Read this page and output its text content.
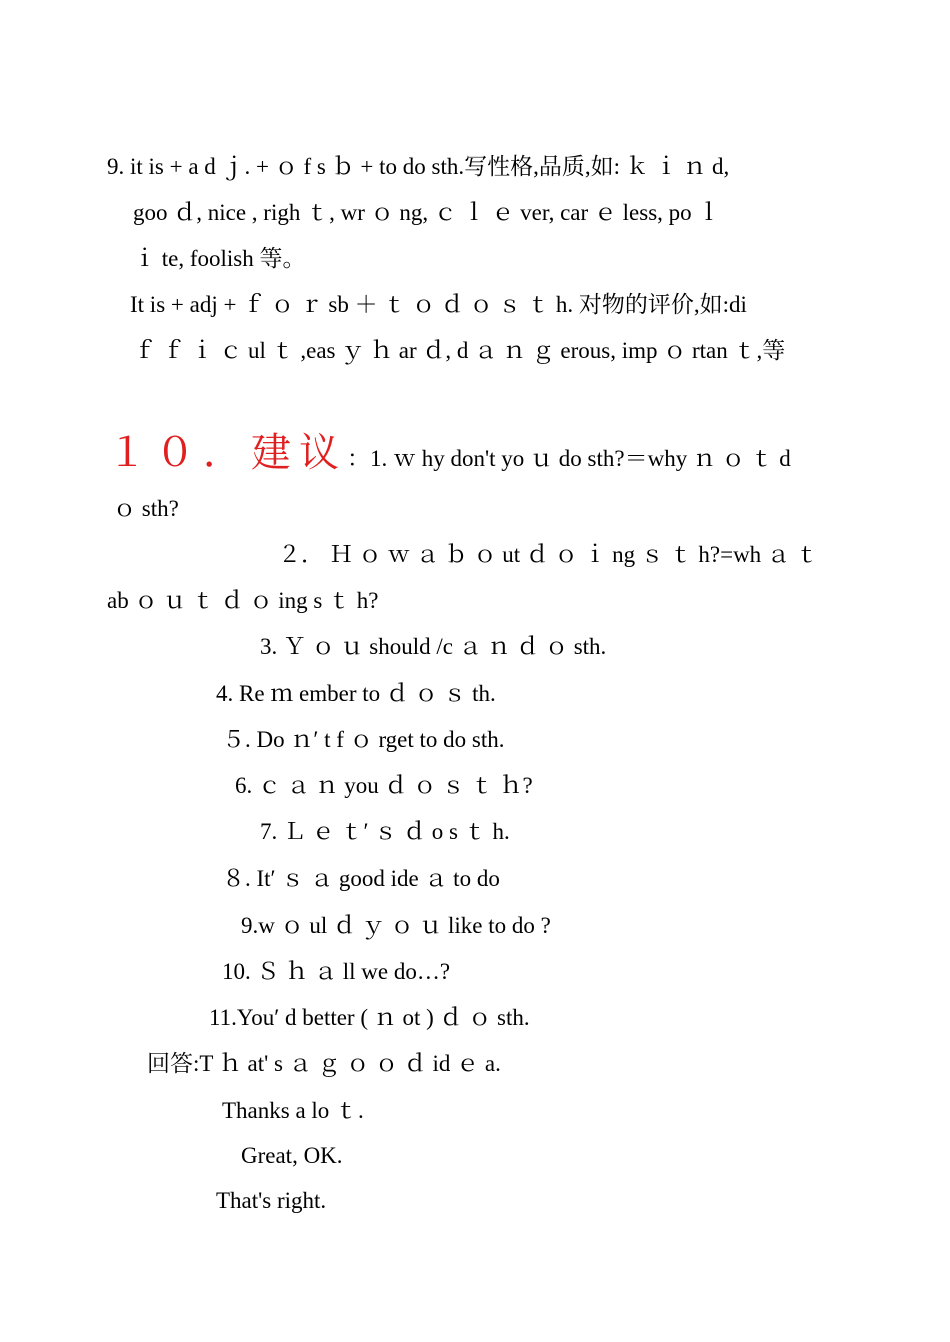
9. it is + a d ｊ. + ｏ f s ｂ + to do sth.写性格,品质,如: ｋ ｉ ｎ d,
goo ｄ, nice , righ ｔ, wr ｏ ng, ｃ ｌ ｅ ver, car ｅ less, po ｌ
ｉ te, foolish 等。
It is + adj + ｆ ｏ ｒ sb ＋ ｔ ｏ ｄ ｏ ｓ ｔ h. 对物的评价,如:di
ｆ ｆ ｉ ｃ ul ｔ ,eas ｙ ｈ ar ｄ, d ａ ｎ ｇ erous, imp ｏ rtan ｔ,等
１０．建议：1. ｗ hy don't yo ｕ do sth?＝why ｎ ｏ ｔ d
ｏ sth?
２． Ｈ ｏ ｗ ａ ｂ ｏ ut ｄ ｏ ｉ ng ｓ ｔ h?=wh ａ ｔ
ab ｏ ｕ ｔ ｄ ｏ ing s ｔ h?
3. Ｙ ｏ ｕ should /c ａ ｎ ｄ ｏ sth.
4. Re ｍ ember to ｄ ｏ ｓ th.
５. Do ｎ′ t f ｏ rget to do sth.
6. ｃ ａ ｎ you ｄ ｏ ｓ ｔ ｈ?
7. Ｌ ｅ ｔ′ ｓ ｄ o s ｔ h.
８. It′ ｓ ａ good ide ａ to do
9.w ｏ ul ｄ ｙ ｏ ｕ like to do ?
10. Ｓ ｈ ａ ll we do…?
11.You′ d better ( ｎ ot ) ｄ ｏ sth.
回答:T ｈ at' s ａ ｇ ｏ ｏ ｄ id ｅ a.
Thanks a lo ｔ.
Great, OK.
That's right.
